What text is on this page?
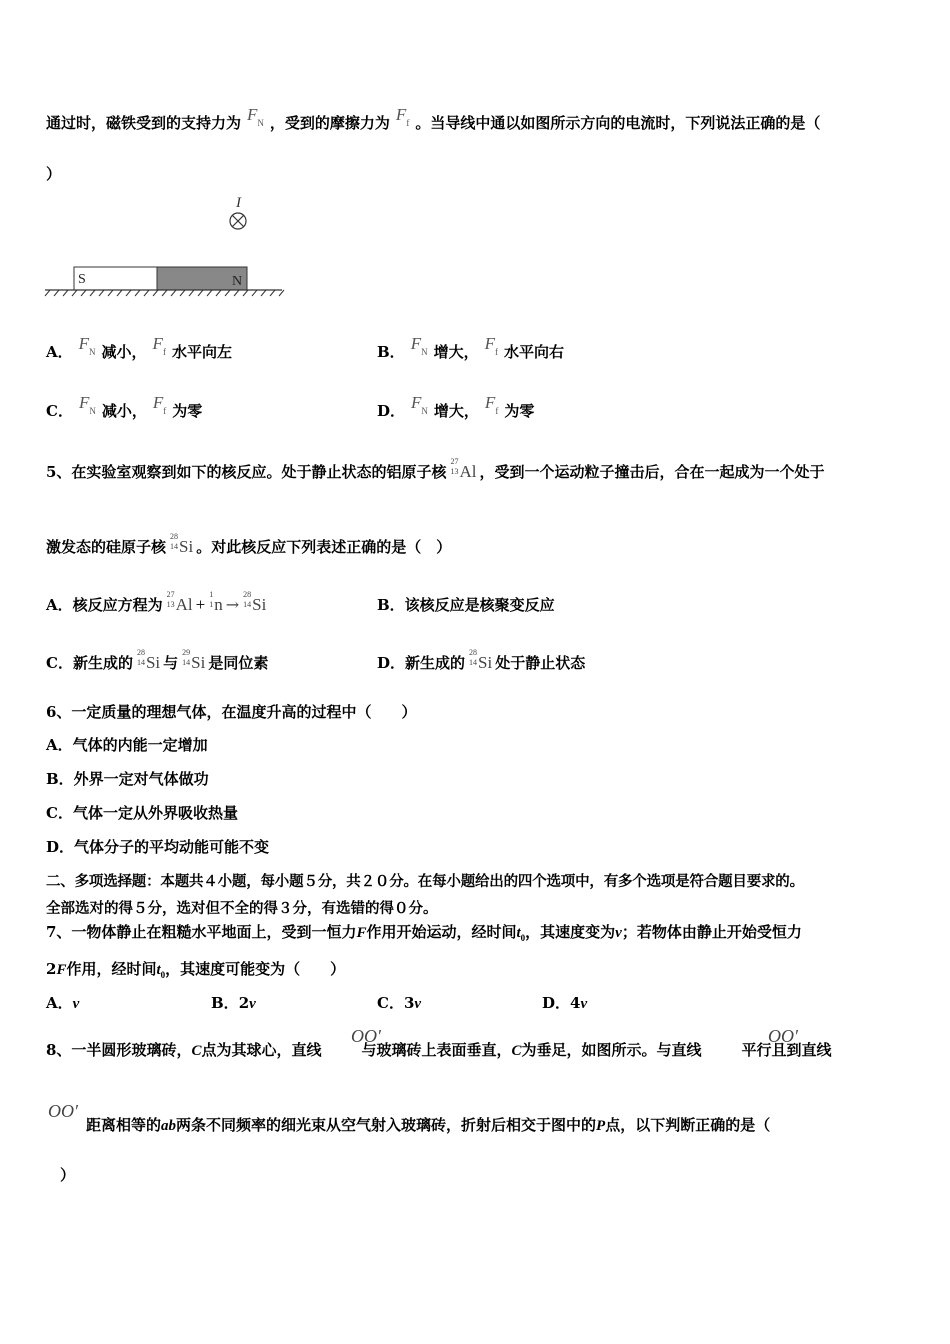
通过时，磁铁受到的支持力为 $F_N$ ，受到的摩擦力为 $F_f$ 。当导线中通以如图所示方向的电流时，下列说法正确的是（
）
I
S	N
A． $F_N$ 减小， $F_f$ 水平向左	B． $F_N$ 增大， $F_f$ 水平向右
C． $F_N$ 减小， $F_f$ 为零	D． $F_N$ 增大， $F_f$ 为零
5、在实验室观察到如下的核反应。处于静止状态的铝原子核27
13Al ，受到一个运动粒子撞击后，合在一起成为一个处于
激发态的硅原子核28
14Si 。对此核反应下列表述正确的是（　）
A．核反应方程为27
13Al +1
1n →28
14Si	B．该核反应是核聚变反应
C．新生成的28
14Si 与29
14Si 是同位素	D．新生成的28
14Si 处于静止状态
6、一定质量的理想气体，在温度升高的过程中（　　）
A．气体的内能一定增加
B．外界一定对气体做功
C．气体一定从外界吸收热量
D．气体分子的平均动能可能不变
二、多项选择题：本题共４小题，每小题５分，共２０分。在每小题给出的四个选项中，有多个选项是符合题目要求的。
全部选对的得５分，选对但不全的得３分，有选错的得０分。
7、一物体静止在粗糙水平地面上，受到一恒力F作用开始运动，经时间$t_0$，其速度变为v；若物体由静止开始受恒力
2F作用，经时间$t_0$，其速度可能变为（　　）
A．v	B．2v	C．3v	D．4v
8、一半圆形玻璃砖，C点为其球心，直线	与玻璃砖上表面垂直，C为垂足，如图所示。与直线	平行且到直线
OO′	OO′
OO′
距离相等的ab两条不同频率的细光束从空气射入玻璃砖，折射后相交于图中的P点，以下判断正确的是（
）
